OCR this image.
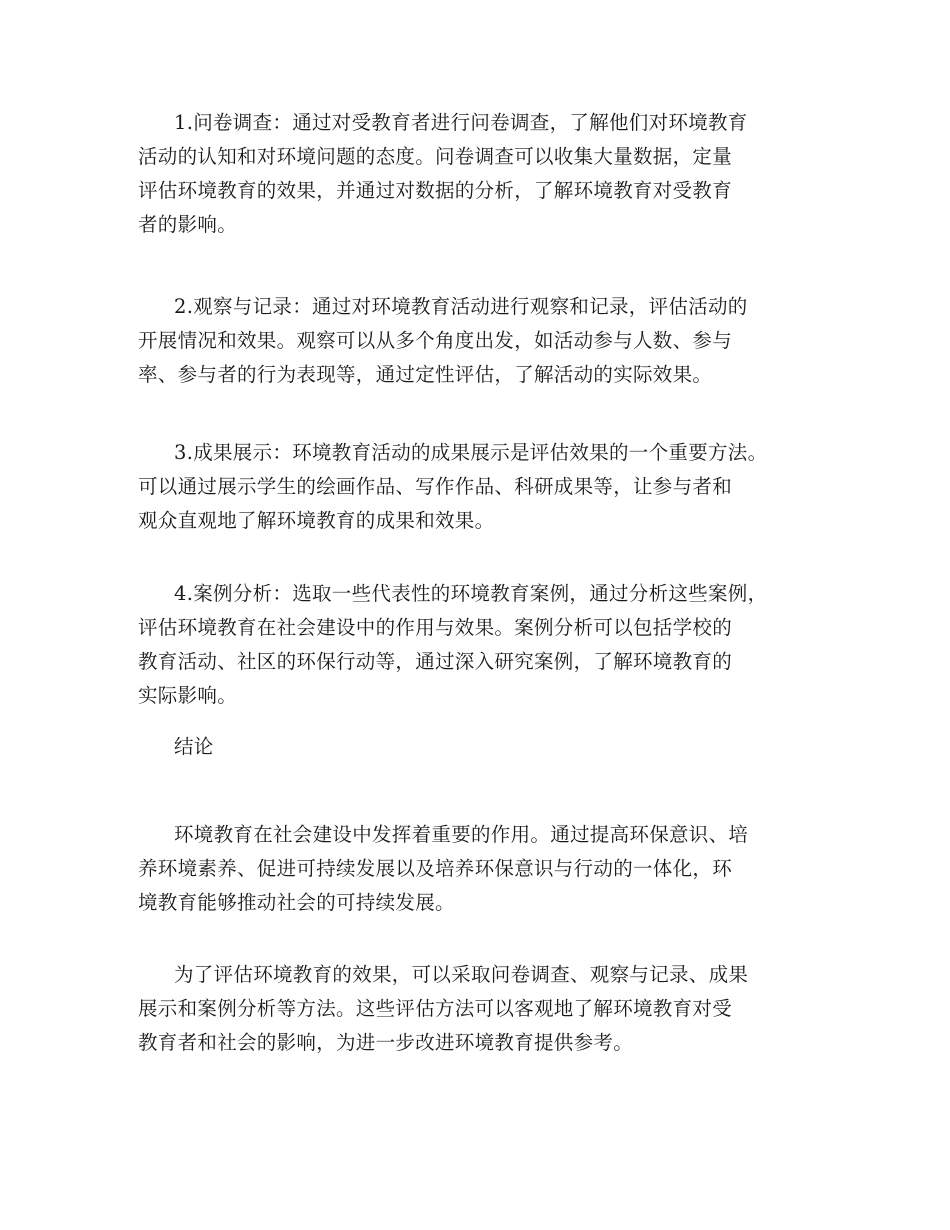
1.问卷调查：通过对受教育者进行问卷调查，了解他们对环境教育
活动的认知和对环境问题的态度。问卷调查可以收集大量数据，定量
评估环境教育的效果，并通过对数据的分析，了解环境教育对受教育
者的影响。
2.观察与记录：通过对环境教育活动进行观察和记录，评估活动的
开展情况和效果。观察可以从多个角度出发，如活动参与人数、参与
率、参与者的行为表现等，通过定性评估，了解活动的实际效果。
3.成果展示：环境教育活动的成果展示是评估效果的一个重要方法。
可以通过展示学生的绘画作品、写作作品、科研成果等，让参与者和
观众直观地了解环境教育的成果和效果。
4.案例分析：选取一些代表性的环境教育案例，通过分析这些案例，
评估环境教育在社会建设中的作用与效果。案例分析可以包括学校的
教育活动、社区的环保行动等，通过深入研究案例，了解环境教育的
实际影响。
结论
环境教育在社会建设中发挥着重要的作用。通过提高环保意识、培
养环境素养、促进可持续发展以及培养环保意识与行动的一体化，环
境教育能够推动社会的可持续发展。
为了评估环境教育的效果，可以采取问卷调查、观察与记录、成果
展示和案例分析等方法。这些评估方法可以客观地了解环境教育对受
教育者和社会的影响，为进一步改进环境教育提供参考。
